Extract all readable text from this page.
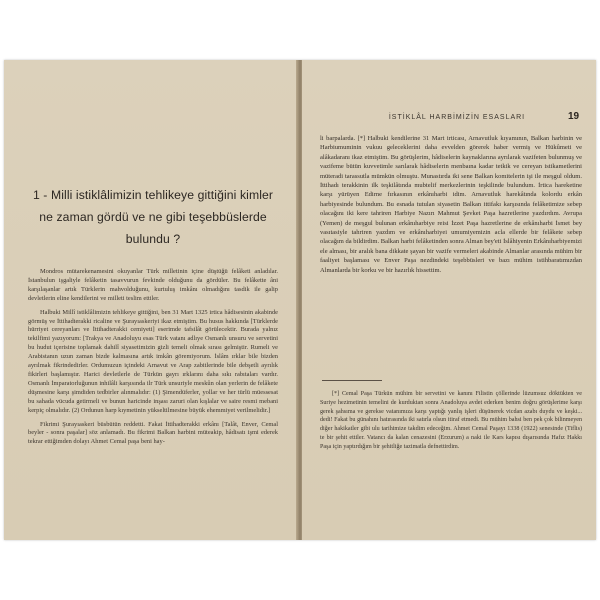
1 - Milli istiklâlimizin tehlikeye gittiğini kimler ne zaman gördü ve ne gibi teşebbüslerde bulundu ?

Mondros mütarekenamesini okuyanlar Türk milletinin içine düştüğü felâketi anladılar. İstanbulun işgaliyle felâketin tasavvurun fevkinde olduğunu da gördüler. Bu felâkette âni karşılaşanlar artık Türklerin mahvolduğunu, kurtuluş imkânı olmadığını tasdik ile galip devletlerin eline kendilerini ve milleti teslim ettiler.

Halbuki Millî istiklâlimizin tehlikeye gittiğini, ben 31 Mart 1325 irtica hâdisesinin akabinde görmüş ve İttihadterakki ricaline ve Şurayıaskeriyi ikaz etmiştim. Bu husus hakkında [Türklerde hürriyet cereyanları ve İttihadterakki cemiyeti] eserimde tafsilât görülecektir. Burada yalnız tekilfimi yazıyorum: [Trakya ve Anadoluyu esas Türk vatanı adlıye Osmanlı unsuru ve servetini bu hudut içerisine toplamak dahilî siyasetimizin gizli temeli olmak sırası gelmiştir. Rumeli ve Arabistanın uzun zaman bizde kalmasına artık imkân göremiyorum. İslâm ırklar bile bizden ayrılmak fikrindedirler. Ordumuzun içindeki Arnavut ve Arap zabitlerinde bile debşetli ayrılık fikirleri başlamıştır. Harici devletlerle de Türkün gayrı ırklarını daha sıkı rabıtaları vardır. Osmanlı İmparatorluğunun inhilâli karşısında ilr Türk unsuriyle meskûn olan yerlerin de felâkete düşmesine karşı şimdiden tedbirler alınmalıdır: (1) Şimendüferler, yollar ve her türlü müessesat bu sahada vücuda getirmeli ve bunun haricinde inşası zaruri olan kışlalar ve saire resmi mebani kerpiç olmalıdır. (2) Ordunun harp kıymetinin yükseltilmesine büyük ehemmiyet verilmelidir.]

Fikrimi Şurayıaskeri büsbütün reddetti. Fakat İttihadterakki erkânı [Talât, Enver, Cemal beyler - sonra paşalar] söz anlamadı. Bu fikrimi Balkan harbini müteakip, hâdisatı işmi ederek tekrar ettiğimden dolayı Ahmet Cemal paşa beni hay-

İSTİKLÂL HARBİMİZİN ESASLARI	19

li barpalarda. [*] Halbuki kendilerine 31 Mart irticası, Arnavutluk kıyamının, Balkan harbinin ve Harbiumuminin vukuu geleceklerini daha evvelden görerek haber vermiş ve Hükûmeti ve alâkadaranı ikaz etmiştim. Bu görüşlerim, hâdiselerin kaynaklarına ayrılarak vazifeten bulunmuş ve vazifeme bütün kuvvetimle sarılarak hâdiselerin menbaına kadar tetkik ve cereyan istikametlerini müteradi tarassutla mümkün olmuştu. Munastırda iki sene Balkan komitelerin işi ile meşgul oldum. İttihadı terakkinin ilk teşkilâtında mubtelif merkezlerinin teşkilinde bulundum. İrtica hareketine karşı yürüyen Edirne fırkasının erkânıharbi idim. Arnavutluk harekâtında kolordu erkân harbiyesinde bulundum. Bu esnada tutulan siyasetin Balkan ittifakı karşısında felâketimize sebep olacağını iki kere tahriren Harbiye Nazırı Mahmut Şevket Paşa hazretlerine yazdırdım. Avrupa (Yemen) de meşgul bulunan erkânıharbiye reisi İzzet Paşa hazretlerine de erkânıharbi İsmet bey vasıtasiyle tahriren yazdım ve erkânıharbiyei umumiyemizin acla ellerde bir felâkete sebep olacağım da bildirdim. Balkan harbi felâketinden sonra Alman bey'eti İslâhiyenin Erkânıharbiyemizi ele alması, bir aralık bana dikkate şayan bir vazife vermeleri akabinde Almanlar arasında mühim bir faaliyet başlaması ve Enver Paşa nezdindeki teşebbüsleri ve bazı mühim istihbaratımızdan Almanlarda bir korku ve bir hazırlık hissettim.

[*] Cemal Paşa Türkün mühim bir servetini ve kanını Filistin çöllerinde lüzumsuz döktükten ve Suriye hezimetinin temelini de kurduktan sonra Anadoluya avdet ederken benim doğru görüşlerime karşı gerek şahsıma ve gerekse vatanımıza karşı yaptığı yanlış işleri düşünerek vicdan azabı duydu ve keşki... dedi! Fakat bu günahını hatırasında iki satırla olsun itiraf etmedi. Bu mühim bahsi ben pek çok bilinmeyen diğer hakikatler gibi ulu tarihimize takdim edeceğim. Ahmet Cemal Paşayı 1338 (1922) senesinde (Tiflis) te bir şehit ettiler. Vatancı da kalan cenazesini (Erzurum) a naki ile Kars kapısı dışarısında Hafız Hakkı Paşa için yaptırdığım bir şehitliğe tazimatla defnettirdim.
